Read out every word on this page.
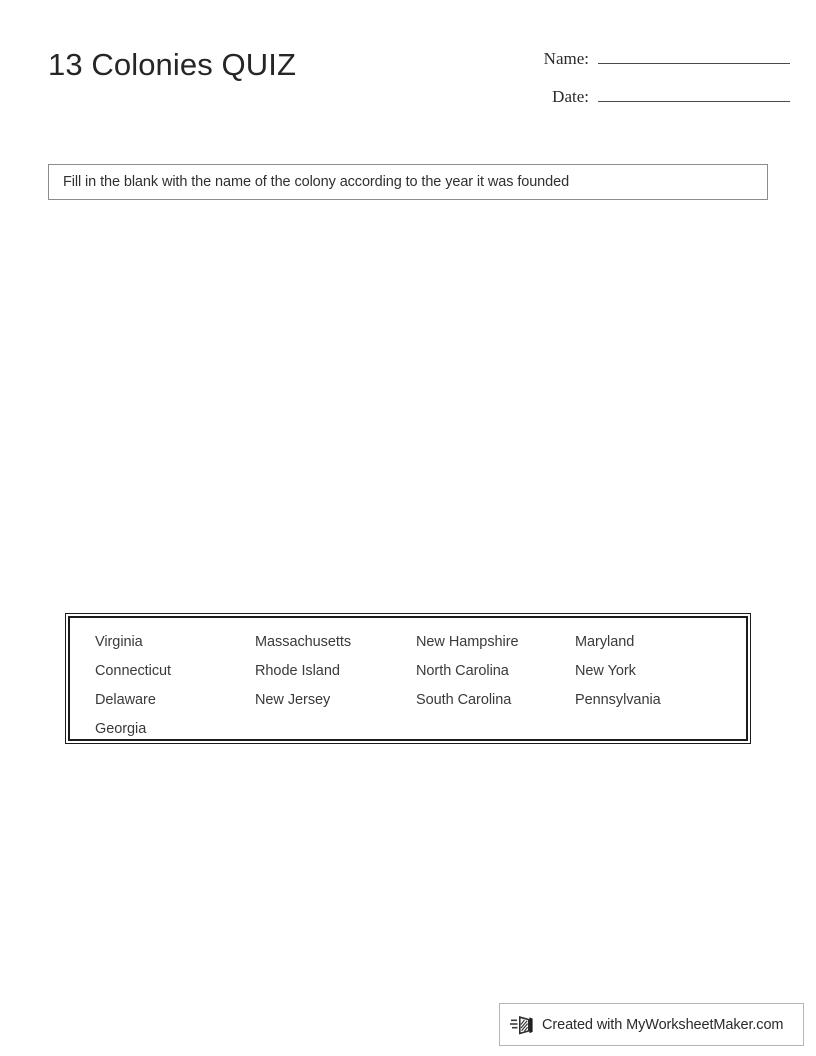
13 Colonies QUIZ	Name:
Date:
Fill in the blank with the name of the colony according to the year it was founded
Virginia
Connecticut
Delaware
Georgia
Massachusetts
Rhode Island
New Jersey
New Hampshire
North Carolina
South Carolina
Maryland
New York
Pennsylvania
Created with MyWorksheetMaker.com
